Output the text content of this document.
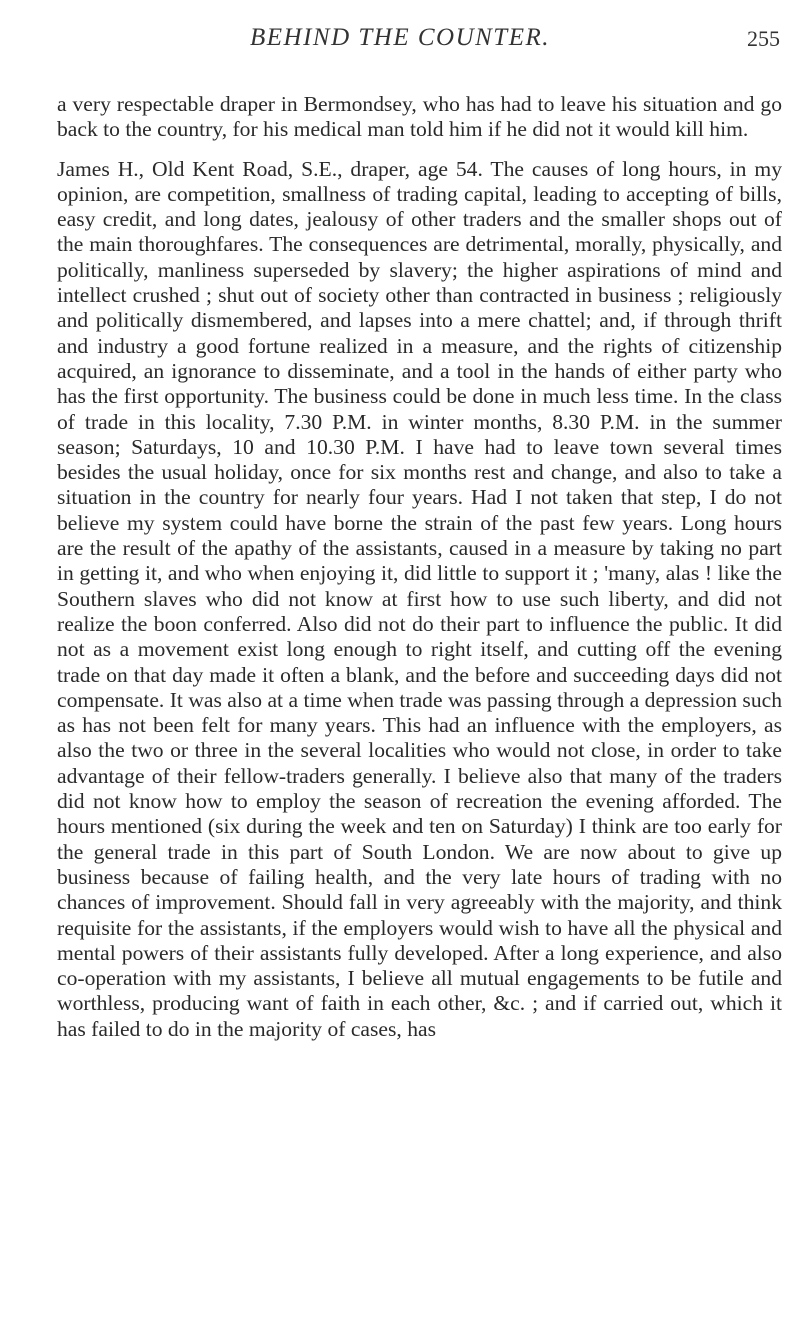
BEHIND THE COUNTER.	255

a very respectable draper in Bermondsey, who has had to leave his situation and go back to the country, for his medical man told him if he did not it would kill him.

James H., Old Kent Road, S.E., draper, age 54. The causes of long hours, in my opinion, are competition, smallness of trading capital, leading to accepting of bills, easy credit, and long dates, jealousy of other traders and the smaller shops out of the main thoroughfares. The consequences are detrimental, morally, physically, and politically, manliness superseded by slavery; the higher aspirations of mind and intellect crushed ; shut out of society other than contracted in business ; religiously and politically dismembered, and lapses into a mere chattel; and, if through thrift and industry a good fortune realized in a measure, and the rights of citizenship acquired, an ignorance to disseminate, and a tool in the hands of either party who has the first opportunity. The business could be done in much less time. In the class of trade in this locality, 7.30 P.M. in winter months, 8.30 P.M. in the summer season; Saturdays, 10 and 10.30 P.M. I have had to leave town several times besides the usual holiday, once for six months rest and change, and also to take a situation in the country for nearly four years. Had I not taken that step, I do not believe my system could have borne the strain of the past few years. Long hours are the result of the apathy of the assistants, caused in a measure by taking no part in getting it, and who when enjoying it, did little to support it ; 'many, alas ! like the Southern slaves who did not know at first how to use such liberty, and did not realize the boon conferred. Also did not do their part to influence the public. It did not as a movement exist long enough to right itself, and cutting off the evening trade on that day made it often a blank, and the before and succeeding days did not compensate. It was also at a time when trade was passing through a depression such as has not been felt for many years. This had an influence with the employers, as also the two or three in the several localities who would not close, in order to take advantage of their fellow-traders generally. I believe also that many of the traders did not know how to employ the season of recreation the evening afforded. The hours mentioned (six during the week and ten on Saturday) I think are too early for the general trade in this part of South London. We are now about to give up business because of failing health, and the very late hours of trading with no chances of improvement. Should fall in very agreeably with the majority, and think requisite for the assistants, if the employers would wish to have all the physical and mental powers of their assistants fully developed. After a long experience, and also co-operation with my assistants, I believe all mutual engagements to be futile and worthless, producing want of faith in each other, &c. ; and if carried out, which it has failed to do in the majority of cases, has
